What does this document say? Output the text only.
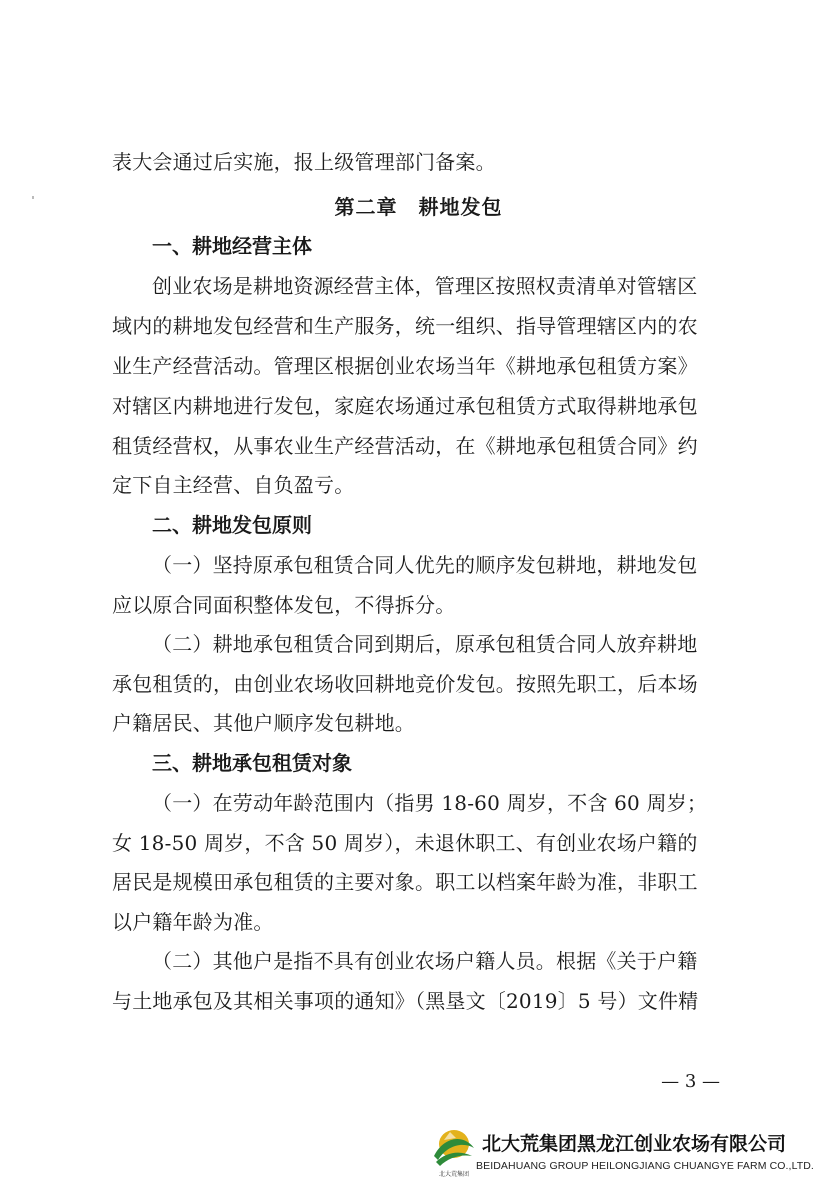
表大会通过后实施，报上级管理部门备案。
第二章　耕地发包
一、耕地经营主体
创业农场是耕地资源经营主体，管理区按照权责清单对管辖区
域内的耕地发包经营和生产服务，统一组织、指导管理辖区内的农
业生产经营活动。管理区根据创业农场当年《耕地承包租赁方案》
对辖区内耕地进行发包，家庭农场通过承包租赁方式取得耕地承包
租赁经营权，从事农业生产经营活动，在《耕地承包租赁合同》约
定下自主经营、自负盈亏。
二、耕地发包原则
（一）坚持原承包租赁合同人优先的顺序发包耕地，耕地发包
应以原合同面积整体发包，不得拆分。
（二）耕地承包租赁合同到期后，原承包租赁合同人放弃耕地
承包租赁的，由创业农场收回耕地竞价发包。按照先职工，后本场
户籍居民、其他户顺序发包耕地。
三、耕地承包租赁对象
（一）在劳动年龄范围内（指男 18-60 周岁，不含 60 周岁；
女 18-50 周岁，不含 50 周岁），未退休职工、有创业农场户籍的
居民是规模田承包租赁的主要对象。职工以档案年龄为准，非职工
以户籍年龄为准。
（二）其他户是指不具有创业农场户籍人员。根据《关于户籍
与土地承包及其相关事项的通知》（黑垦文〔2019〕5 号）文件精
— 3 —
北大荒集团
北大荒集团黑龙江创业农场有限公司
BEIDAHUANG GROUP HEILONGJIANG CHUANGYE FARM CO.,LTD.
